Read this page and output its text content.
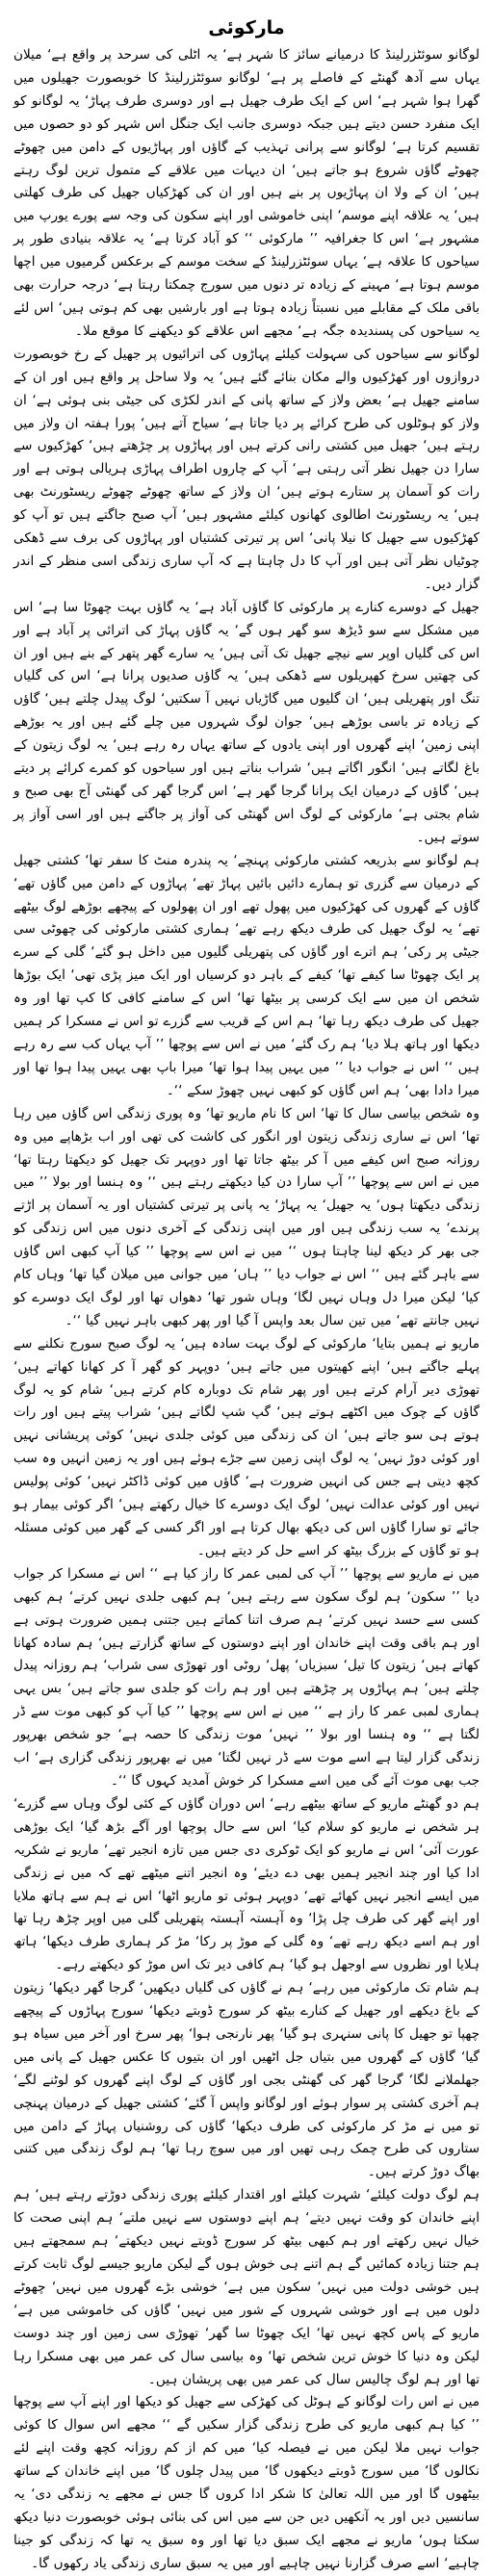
مارکوئی

لوگانو سوئٹزرلینڈ کا درمیانے سائز کا شہر ہے‘ یہ اٹلی کی سرحد پر واقع ہے‘ میلان یہاں سے آدھ گھنٹے کے فاصلے پر ہے‘ لوگانو سوئٹزرلینڈ کا خوبصورت جھیلوں میں گھرا ہوا شہر ہے‘ اس کے ایک طرف جھیل ہے اور دوسری طرف پہاڑ‘ یہ لوگانو کو ایک منفرد حسن دیتے ہیں جبکہ دوسری جانب ایک جنگل اس شہر کو دو حصوں میں تقسیم کرتا ہے‘ لوگانو سے پرانی تہذیب کے گاؤں اور پہاڑیوں کے دامن میں چھوٹے چھوٹے گاؤں شروع ہو جاتے ہیں‘ ان دیہات میں علاقے کے متمول ترین لوگ رہتے ہیں‘ ان کے ولا ان پہاڑیوں پر بنے ہیں اور ان کی کھڑکیاں جھیل کی طرف کھلتی ہیں‘ یہ علاقہ اپنے موسم‘ اپنی خاموشی اور اپنے سکون کی وجہ سے پورے یورپ میں مشہور ہے‘ اس کا جغرافیہ ’’ مارکوئی ‘‘ کو آباد کرتا ہے‘ یہ علاقہ بنیادی طور پر سیاحوں کا علاقہ ہے‘ یہاں سوئٹزرلینڈ کے سخت موسم کے برعکس گرمیوں میں اچھا موسم ہوتا ہے‘ مہینے کے زیادہ تر دنوں میں سورج چمکتا رہتا ہے‘ درجہ حرارت بھی باقی ملک کے مقابلے میں نسبتاً زیادہ ہوتا ہے اور بارشیں بھی کم ہوتی ہیں‘ اس لئے یہ سیاحوں کی پسندیدہ جگہ ہے‘ مجھے اس علاقے کو دیکھنے کا موقع ملا۔

لوگانو سے سیاحوں کی سہولت کیلئے پہاڑوں کی اترائیوں پر جھیل کے رخ خوبصورت دروازوں اور کھڑکیوں والے مکان بنائے گئے ہیں‘ یہ ولا ساحل پر واقع ہیں اور ان کے سامنے جھیل ہے‘ بعض ولاز کے ساتھ پانی کے اندر لکڑی کی جیٹی بنی ہوئی ہے‘ ان ولاز کو ہوٹلوں کی طرح کرائے پر دیا جاتا ہے‘ سیاح آتے ہیں‘ پورا ہفتہ ان ولاز میں رہتے ہیں‘ جھیل میں کشتی رانی کرتے ہیں اور پہاڑوں پر چڑھتے ہیں‘ کھڑکیوں سے سارا دن جھیل نظر آتی رہتی ہے‘ آپ کے چاروں اطراف پہاڑی ہریالی ہوتی ہے اور رات کو آسمان پر ستارے ہوتے ہیں‘ ان ولاز کے ساتھ چھوٹے چھوٹے ریسٹورنٹ بھی ہیں‘ یہ ریسٹورنٹ اطالوی کھانوں کیلئے مشہور ہیں‘ آپ صبح جاگتے ہیں تو آپ کو کھڑکیوں سے جھیل کا نیلا پانی‘ اس پر تیرتی کشتیاں اور پہاڑوں کی برف سے ڈھکی چوٹیاں نظر آتی ہیں اور آپ کا دل چاہتا ہے کہ آپ ساری زندگی اسی منظر کے اندر گزار دیں۔

جھیل کے دوسرے کنارے پر مارکوئی کا گاؤں آباد ہے‘ یہ گاؤں بہت چھوٹا سا ہے‘ اس میں مشکل سے سو ڈیڑھ سو گھر ہوں گے‘ یہ گاؤں پہاڑ کی اترائی پر آباد ہے اور اس کی گلیاں اوپر سے نیچے جھیل تک آتی ہیں‘ یہ سارے گھر پتھر کے بنے ہیں اور ان کی چھتیں سرخ کھپریلوں سے ڈھکی ہیں‘ یہ گاؤں صدیوں پرانا ہے‘ اس کی گلیاں تنگ اور پتھریلی ہیں‘ ان گلیوں میں گاڑیاں نہیں آ سکتیں‘ لوگ پیدل چلتے ہیں‘ گاؤں کے زیادہ تر باسی بوڑھے ہیں‘ جوان لوگ شہروں میں چلے گئے ہیں اور یہ بوڑھے اپنی زمین‘ اپنے گھروں اور اپنی یادوں کے ساتھ یہاں رہ رہے ہیں‘ یہ لوگ زیتون کے باغ لگاتے ہیں‘ انگور اگاتے ہیں‘ شراب بناتے ہیں اور سیاحوں کو کمرے کرائے پر دیتے ہیں‘ گاؤں کے درمیان ایک پرانا گرجا گھر ہے‘ اس گرجا گھر کی گھنٹی آج بھی صبح و شام بجتی ہے‘ مارکوئی کے لوگ اس گھنٹی کی آواز پر جاگتے ہیں اور اسی آواز پر سوتے ہیں۔

ہم لوگانو سے بذریعہ کشتی مارکوئی پہنچے‘ یہ پندرہ منٹ کا سفر تھا‘ کشتی جھیل کے درمیان سے گزری تو ہمارے دائیں بائیں پہاڑ تھے‘ پہاڑوں کے دامن میں گاؤں تھے‘ گاؤں کے گھروں کی کھڑکیوں میں پھول تھے اور ان پھولوں کے پیچھے بوڑھے لوگ بیٹھے تھے‘ یہ لوگ جھیل کی طرف دیکھ رہے تھے‘ ہماری کشتی مارکوئی کی چھوٹی سی جیٹی پر رکی‘ ہم اترے اور گاؤں کی پتھریلی گلیوں میں داخل ہو گئے‘ گلی کے سرے پر ایک چھوٹا سا کیفے تھا‘ کیفے کے باہر دو کرسیاں اور ایک میز پڑی تھی‘ ایک بوڑھا شخص ان میں سے ایک کرسی پر بیٹھا تھا‘ اس کے سامنے کافی کا کپ تھا اور وہ جھیل کی طرف دیکھ رہا تھا‘ ہم اس کے قریب سے گزرے تو اس نے مسکرا کر ہمیں دیکھا اور ہاتھ ہلا دیا‘ ہم رک گئے‘ میں نے اس سے پوچھا ’’ آپ یہاں کب سے رہ رہے ہیں ‘‘ اس نے جواب دیا ’’ میں یہیں پیدا ہوا تھا‘ میرا باپ بھی یہیں پیدا ہوا تھا اور میرا دادا بھی‘ ہم اس گاؤں کو کبھی نہیں چھوڑ سکے ‘‘۔

وہ شخص بیاسی سال کا تھا‘ اس کا نام ماریو تھا‘ وہ پوری زندگی اس گاؤں میں رہا تھا‘ اس نے ساری زندگی زیتون اور انگور کی کاشت کی تھی اور اب بڑھاپے میں وہ روزانہ صبح اس کیفے میں آ کر بیٹھ جاتا تھا اور دوپہر تک جھیل کو دیکھتا رہتا تھا‘ میں نے اس سے پوچھا ’’ آپ سارا دن کیا دیکھتے رہتے ہیں ‘‘ وہ ہنسا اور بولا ’’ میں زندگی دیکھتا ہوں‘ یہ جھیل‘ یہ پہاڑ‘ یہ پانی پر تیرتی کشتیاں اور یہ آسمان پر اڑتے پرندے‘ یہ سب زندگی ہیں اور میں اپنی زندگی کے آخری دنوں میں اس زندگی کو جی بھر کر دیکھ لینا چاہتا ہوں ‘‘ میں نے اس سے پوچھا ’’ کیا آپ کبھی اس گاؤں سے باہر گئے ہیں ‘‘ اس نے جواب دیا ’’ ہاں‘ میں جوانی میں میلان گیا تھا‘ وہاں کام کیا‘ لیکن میرا دل وہاں نہیں لگا‘ وہاں شور تھا‘ دھواں تھا اور لوگ ایک دوسرے کو نہیں جانتے تھے‘ میں تین سال بعد واپس آ گیا اور پھر کبھی باہر نہیں گیا ‘‘۔

ماریو نے ہمیں بتایا‘ مارکوئی کے لوگ بہت سادہ ہیں‘ یہ لوگ صبح سورج نکلنے سے پہلے جاگتے ہیں‘ اپنے کھیتوں میں جاتے ہیں‘ دوپہر کو گھر آ کر کھانا کھاتے ہیں‘ تھوڑی دیر آرام کرتے ہیں اور پھر شام تک دوبارہ کام کرتے ہیں‘ شام کو یہ لوگ گاؤں کے چوک میں اکٹھے ہوتے ہیں‘ گپ شپ لگاتے ہیں‘ شراب پیتے ہیں اور رات ہوتے ہی سو جاتے ہیں‘ ان کی زندگی میں کوئی جلدی نہیں‘ کوئی پریشانی نہیں اور کوئی دوڑ نہیں‘ یہ لوگ اپنی زمین سے جڑے ہوئے ہیں اور یہ زمین انہیں وہ سب کچھ دیتی ہے جس کی انہیں ضرورت ہے‘ گاؤں میں کوئی ڈاکٹر نہیں‘ کوئی پولیس نہیں اور کوئی عدالت نہیں‘ لوگ ایک دوسرے کا خیال رکھتے ہیں‘ اگر کوئی بیمار ہو جائے تو سارا گاؤں اس کی دیکھ بھال کرتا ہے اور اگر کسی کے گھر میں کوئی مسئلہ ہو تو گاؤں کے بزرگ بیٹھ کر اسے حل کر دیتے ہیں۔

میں نے ماریو سے پوچھا ’’ آپ کی لمبی عمر کا راز کیا ہے ‘‘ اس نے مسکرا کر جواب دیا ’’ سکون‘ ہم لوگ سکون سے رہتے ہیں‘ ہم کبھی جلدی نہیں کرتے‘ ہم کبھی کسی سے حسد نہیں کرتے‘ ہم صرف اتنا کماتے ہیں جتنی ہمیں ضرورت ہوتی ہے اور ہم باقی وقت اپنے خاندان اور اپنے دوستوں کے ساتھ گزارتے ہیں‘ ہم سادہ کھانا کھاتے ہیں‘ زیتون کا تیل‘ سبزیاں‘ پھل‘ روٹی اور تھوڑی سی شراب‘ ہم روزانہ پیدل چلتے ہیں‘ ہم پہاڑوں پر چڑھتے ہیں اور ہم رات کو جلدی سو جاتے ہیں‘ بس یہی ہماری لمبی عمر کا راز ہے ‘‘ میں نے اس سے پوچھا ’’ کیا آپ کو کبھی موت سے ڈر لگتا ہے ‘‘ وہ ہنسا اور بولا ’’ نہیں‘ موت زندگی کا حصہ ہے‘ جو شخص بھرپور زندگی گزار لیتا ہے اسے موت سے ڈر نہیں لگتا‘ میں نے بھرپور زندگی گزاری ہے‘ اب جب بھی موت آئے گی میں اسے مسکرا کر خوش آمدید کہوں گا ‘‘۔

ہم دو گھنٹے ماریو کے ساتھ بیٹھے رہے‘ اس دوران گاؤں کے کئی لوگ وہاں سے گزرے‘ ہر شخص نے ماریو کو سلام کیا‘ اس سے حال پوچھا اور آگے بڑھ گیا‘ ایک بوڑھی عورت آئی‘ اس نے ماریو کو ایک ٹوکری دی جس میں تازہ انجیر تھے‘ ماریو نے شکریہ ادا کیا اور چند انجیر ہمیں بھی دے دیئے‘ وہ انجیر اتنے میٹھے تھے کہ میں نے زندگی میں ایسے انجیر نہیں کھائے تھے‘ دوپہر ہوئی تو ماریو اٹھا‘ اس نے ہم سے ہاتھ ملایا اور اپنے گھر کی طرف چل پڑا‘ وہ آہستہ آہستہ پتھریلی گلی میں اوپر چڑھ رہا تھا اور ہم اسے دیکھ رہے تھے‘ وہ گلی کے موڑ پر رکا‘ مڑ کر ہماری طرف دیکھا‘ ہاتھ ہلایا اور نظروں سے اوجھل ہو گیا‘ ہم کافی دیر تک اس موڑ کو دیکھتے رہے۔

ہم شام تک مارکوئی میں رہے‘ ہم نے گاؤں کی گلیاں دیکھیں‘ گرجا گھر دیکھا‘ زیتون کے باغ دیکھے اور جھیل کے کنارے بیٹھ کر سورج ڈوبتے دیکھا‘ سورج پہاڑوں کے پیچھے چھپا تو جھیل کا پانی سنہری ہو گیا‘ پھر نارنجی ہوا‘ پھر سرخ اور آخر میں سیاہ ہو گیا‘ گاؤں کے گھروں میں بتیاں جل اٹھیں اور ان بتیوں کا عکس جھیل کے پانی میں جھلملانے لگا‘ گرجا گھر کی گھنٹی بجی اور گاؤں کے لوگ اپنے گھروں کو لوٹنے لگے‘ ہم آخری کشتی پر سوار ہوئے اور لوگانو واپس آ گئے‘ کشتی جھیل کے درمیان پہنچی تو میں نے مڑ کر مارکوئی کی طرف دیکھا‘ گاؤں کی روشنیاں پہاڑ کے دامن میں ستاروں کی طرح چمک رہی تھیں اور میں سوچ رہا تھا‘ ہم لوگ زندگی میں کتنی بھاگ دوڑ کرتے ہیں۔

ہم لوگ دولت کیلئے‘ شہرت کیلئے اور اقتدار کیلئے پوری زندگی دوڑتے رہتے ہیں‘ ہم اپنے خاندان کو وقت نہیں دیتے‘ ہم اپنے دوستوں سے نہیں ملتے‘ ہم اپنی صحت کا خیال نہیں رکھتے اور ہم کبھی بیٹھ کر سورج ڈوبتے نہیں دیکھتے‘ ہم سمجھتے ہیں ہم جتنا زیادہ کمائیں گے ہم اتنے ہی خوش ہوں گے لیکن ماریو جیسے لوگ ثابت کرتے ہیں خوشی دولت میں نہیں‘ سکون میں ہے‘ خوشی بڑے گھروں میں نہیں‘ چھوٹے دلوں میں ہے اور خوشی شہروں کے شور میں نہیں‘ گاؤں کی خاموشی میں ہے‘ ماریو کے پاس کچھ نہیں تھا‘ ایک چھوٹا سا گھر‘ تھوڑی سی زمین اور چند دوست لیکن وہ دنیا کا خوش ترین شخص تھا‘ وہ بیاسی سال کی عمر میں بھی مسکرا رہا تھا اور ہم لوگ چالیس سال کی عمر میں بھی پریشان ہیں۔

میں نے اس رات لوگانو کے ہوٹل کی کھڑکی سے جھیل کو دیکھا اور اپنے آپ سے پوچھا ’’ کیا ہم کبھی ماریو کی طرح زندگی گزار سکیں گے ‘‘ مجھے اس سوال کا کوئی جواب نہیں ملا لیکن میں نے فیصلہ کیا‘ میں کم از کم روزانہ کچھ وقت اپنے لئے نکالوں گا‘ میں سورج ڈوبتے دیکھوں گا‘ میں پیدل چلوں گا‘ میں اپنے خاندان کے ساتھ بیٹھوں گا اور میں اللہ تعالیٰ کا شکر ادا کروں گا جس نے مجھے یہ زندگی دی‘ یہ سانسیں دیں اور یہ آنکھیں دیں جن سے میں اس کی بنائی ہوئی خوبصورت دنیا دیکھ سکتا ہوں‘ ماریو نے مجھے ایک سبق دیا تھا اور وہ سبق یہ تھا کہ زندگی کو جینا چاہیے‘ اسے صرف گزارنا نہیں چاہیے اور میں یہ سبق ساری زندگی یاد رکھوں گا۔
